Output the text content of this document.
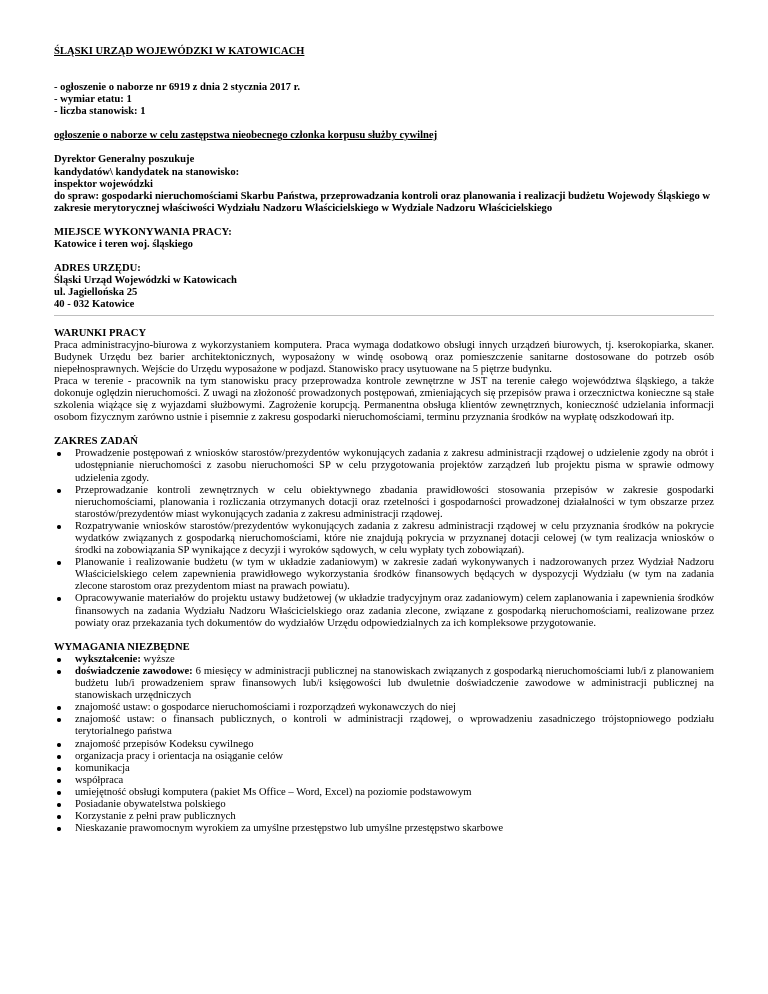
ŚLĄSKI URZĄD WOJEWÓDZKI W KATOWICACH

- ogłoszenie o naborze nr 6919 z dnia 2 stycznia 2017 r.
- wymiar etatu: 1
- liczba stanowisk: 1

ogłoszenie o naborze w celu zastępstwa nieobecnego członka korpusu służby cywilnej

Dyrektor Generalny poszukuje
kandydatów\ kandydatek na stanowisko:
inspektor wojewódzki
do spraw: gospodarki nieruchomościami Skarbu Państwa, przeprowadzania kontroli oraz planowania i realizacji budżetu Wojewody Śląskiego w zakresie merytorycznej właściwości Wydziału Nadzoru Właścicielskiego w Wydziale Nadzoru Właścicielskiego
MIEJSCE WYKONYWANIA PRACY:
Katowice i teren woj. śląskiego
ADRES URZĘDU:
Śląski Urząd Wojewódzki w Katowicach
ul. Jagiellońska 25
40 - 032 Katowice
WARUNKI PRACY

Praca administracyjno-biurowa z wykorzystaniem komputera. Praca wymaga dodatkowo obsługi innych urządzeń biurowych, tj. kserokopiarka, skaner. Budynek Urzędu bez barier architektonicznych, wyposażony w windę osobową oraz pomieszczenie sanitarne dostosowane do potrzeb osób niepełnosprawnych. Wejście do Urzędu wyposażone w podjazd. Stanowisko pracy usytuowane na 5 piętrze budynku.

Praca w terenie - pracownik na tym stanowisku pracy przeprowadza kontrole zewnętrzne w JST na terenie całego województwa śląskiego, a także dokonuje oględzin nieruchomości. Z uwagi na złożoność prowadzonych postępowań, zmieniających się przepisów prawa i orzecznictwa konieczne są stałe szkolenia wiążące się z wyjazdami służbowymi. Zagrożenie korupcją. Permanentna obsługa klientów zewnętrznych, konieczność udzielania informacji osobom fizycznym zarówno ustnie i pisemnie z zakresu gospodarki nieruchomościami, terminu przyznania środków na wypłatę odszkodowań itp.

ZAKRES ZADAŃ
Prowadzenie postępowań z wniosków starostów/prezydentów wykonujących zadania z zakresu administracji rządowej o udzielenie zgody na obrót i udostępnianie nieruchomości z zasobu nieruchomości SP w celu przygotowania projektów zarządzeń lub projektu pisma w sprawie odmowy udzielenia zgody.
Przeprowadzanie kontroli zewnętrznych w celu obiektywnego zbadania prawidłowości stosowania przepisów w zakresie gospodarki nieruchomościami, planowania i rozliczania otrzymanych dotacji oraz rzetelności i gospodarności prowadzonej działalności w tym obszarze przez starostów/prezydentów miast wykonujących zadania z zakresu administracji rządowej.
Rozpatrywanie wniosków starostów/prezydentów wykonujących zadania z zakresu administracji rządowej w celu przyznania środków na pokrycie wydatków związanych z gospodarką nieruchomościami, które nie znajdują pokrycia w przyznanej dotacji celowej (w tym realizacja wniosków o środki na zobowiązania SP wynikające z decyzji i wyroków sądowych, w celu wypłaty tych zobowiązań).
Planowanie i realizowanie budżetu (w tym w układzie zadaniowym) w zakresie zadań wykonywanych i nadzorowanych przez Wydział Nadzoru Właścicielskiego celem zapewnienia prawidłowego wykorzystania środków finansowych będących w dyspozycji Wydziału (w tym na zadania zlecone starostom oraz prezydentom miast na prawach powiatu).
Opracowywanie materiałów do projektu ustawy budżetowej (w układzie tradycyjnym oraz zadaniowym) celem zaplanowania i zapewnienia środków finansowych na zadania Wydziału Nadzoru Właścicielskiego oraz zadania zlecone, związane z gospodarką nieruchomościami, realizowane przez powiaty oraz przekazania tych dokumentów do wydziałów Urzędu odpowiedzialnych za ich kompleksowe przygotowanie.
WYMAGANIA NIEZBĘDNE
wykształcenie: wyższe
doświadczenie zawodowe: 6 miesięcy w administracji publicznej na stanowiskach związanych z gospodarką nieruchomościami lub/i z planowaniem budżetu lub/i prowadzeniem spraw finansowych lub/i księgowości lub dwuletnie doświadczenie zawodowe w administracji publicznej na stanowiskach urzędniczych
znajomość ustaw: o gospodarce nieruchomościami i rozporządzeń wykonawczych do niej
znajomość ustaw: o finansach publicznych, o kontroli w administracji rządowej, o wprowadzeniu zasadniczego trójstopniowego podziału terytorialnego państwa
znajomość przepisów Kodeksu cywilnego
organizacja pracy i orientacja na osiąganie celów
komunikacja
współpraca
umiejętność obsługi komputera (pakiet Ms Office – Word, Excel) na poziomie podstawowym
Posiadanie obywatelstwa polskiego
Korzystanie z pełni praw publicznych
Nieskazanie prawomocnym wyrokiem za umyślne przestępstwo lub umyślne przestępstwo skarbowe
